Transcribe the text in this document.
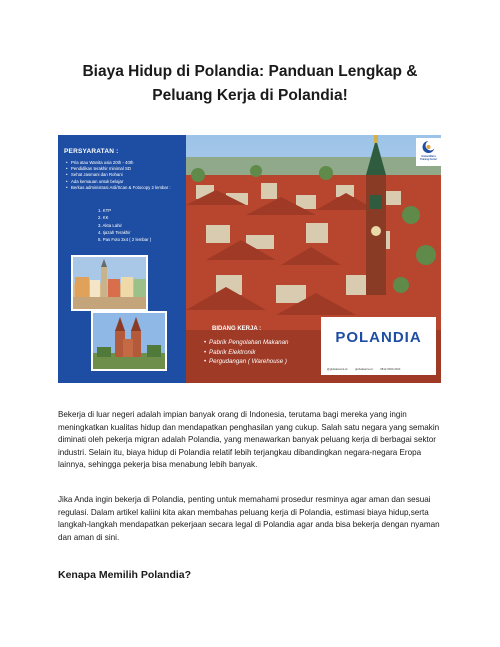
Biaya Hidup di Polandia: Panduan Lengkap & Peluang Kerja di Polandia!
PERSYARATAN :
• Pria atau Wanita usia 20th - 40th
• Pendidikan terakhir minimal SD
• Sehat Jasmani dan Rohani
• Ada kemauan untuk belajar
• Berkas administrasi Asli/Scan & Fotocopy 2 lembar :
1. KTP
2. KK
3. Akta Lahir
4. Ijazah Terakhir
5. Pas Foto 3x4 ( 2 lembar )
BIDANG KERJA :
• Pabrik Pengolahan Makanan
• Pabrik Elektronik
• Pergudangan ( Warehouse )
POLANDIA
@globalwarra.id	globalwarra.id	0812 0000 2024
Global Warra Training Center

Bekerja di luar negeri adalah impian banyak orang di Indonesia, terutama bagi mereka yang ingin meningkatkan kualitas hidup dan mendapatkan penghasilan yang cukup. Salah satu negara yang semakin diminati oleh pekerja migran adalah Polandia, yang menawarkan banyak peluang kerja di berbagai sektor industri. Selain itu, biaya hidup di Polandia relatif lebih terjangkau dibandingkan negara-negara Eropa lainnya, sehingga pekerja bisa menabung lebih banyak.

Jika Anda ingin bekerja di Polandia, penting untuk memahami prosedur resminya agar aman dan sesuai regulasi. Dalam artikel kaliini kita akan membahas peluang kerja di Polandia, estimasi biaya hidup,serta langkah-langkah mendapatkan pekerjaan secara legal di Polandia agar anda bisa bekerja dengan nyaman dan aman di sini.

Kenapa Memilih Polandia?
